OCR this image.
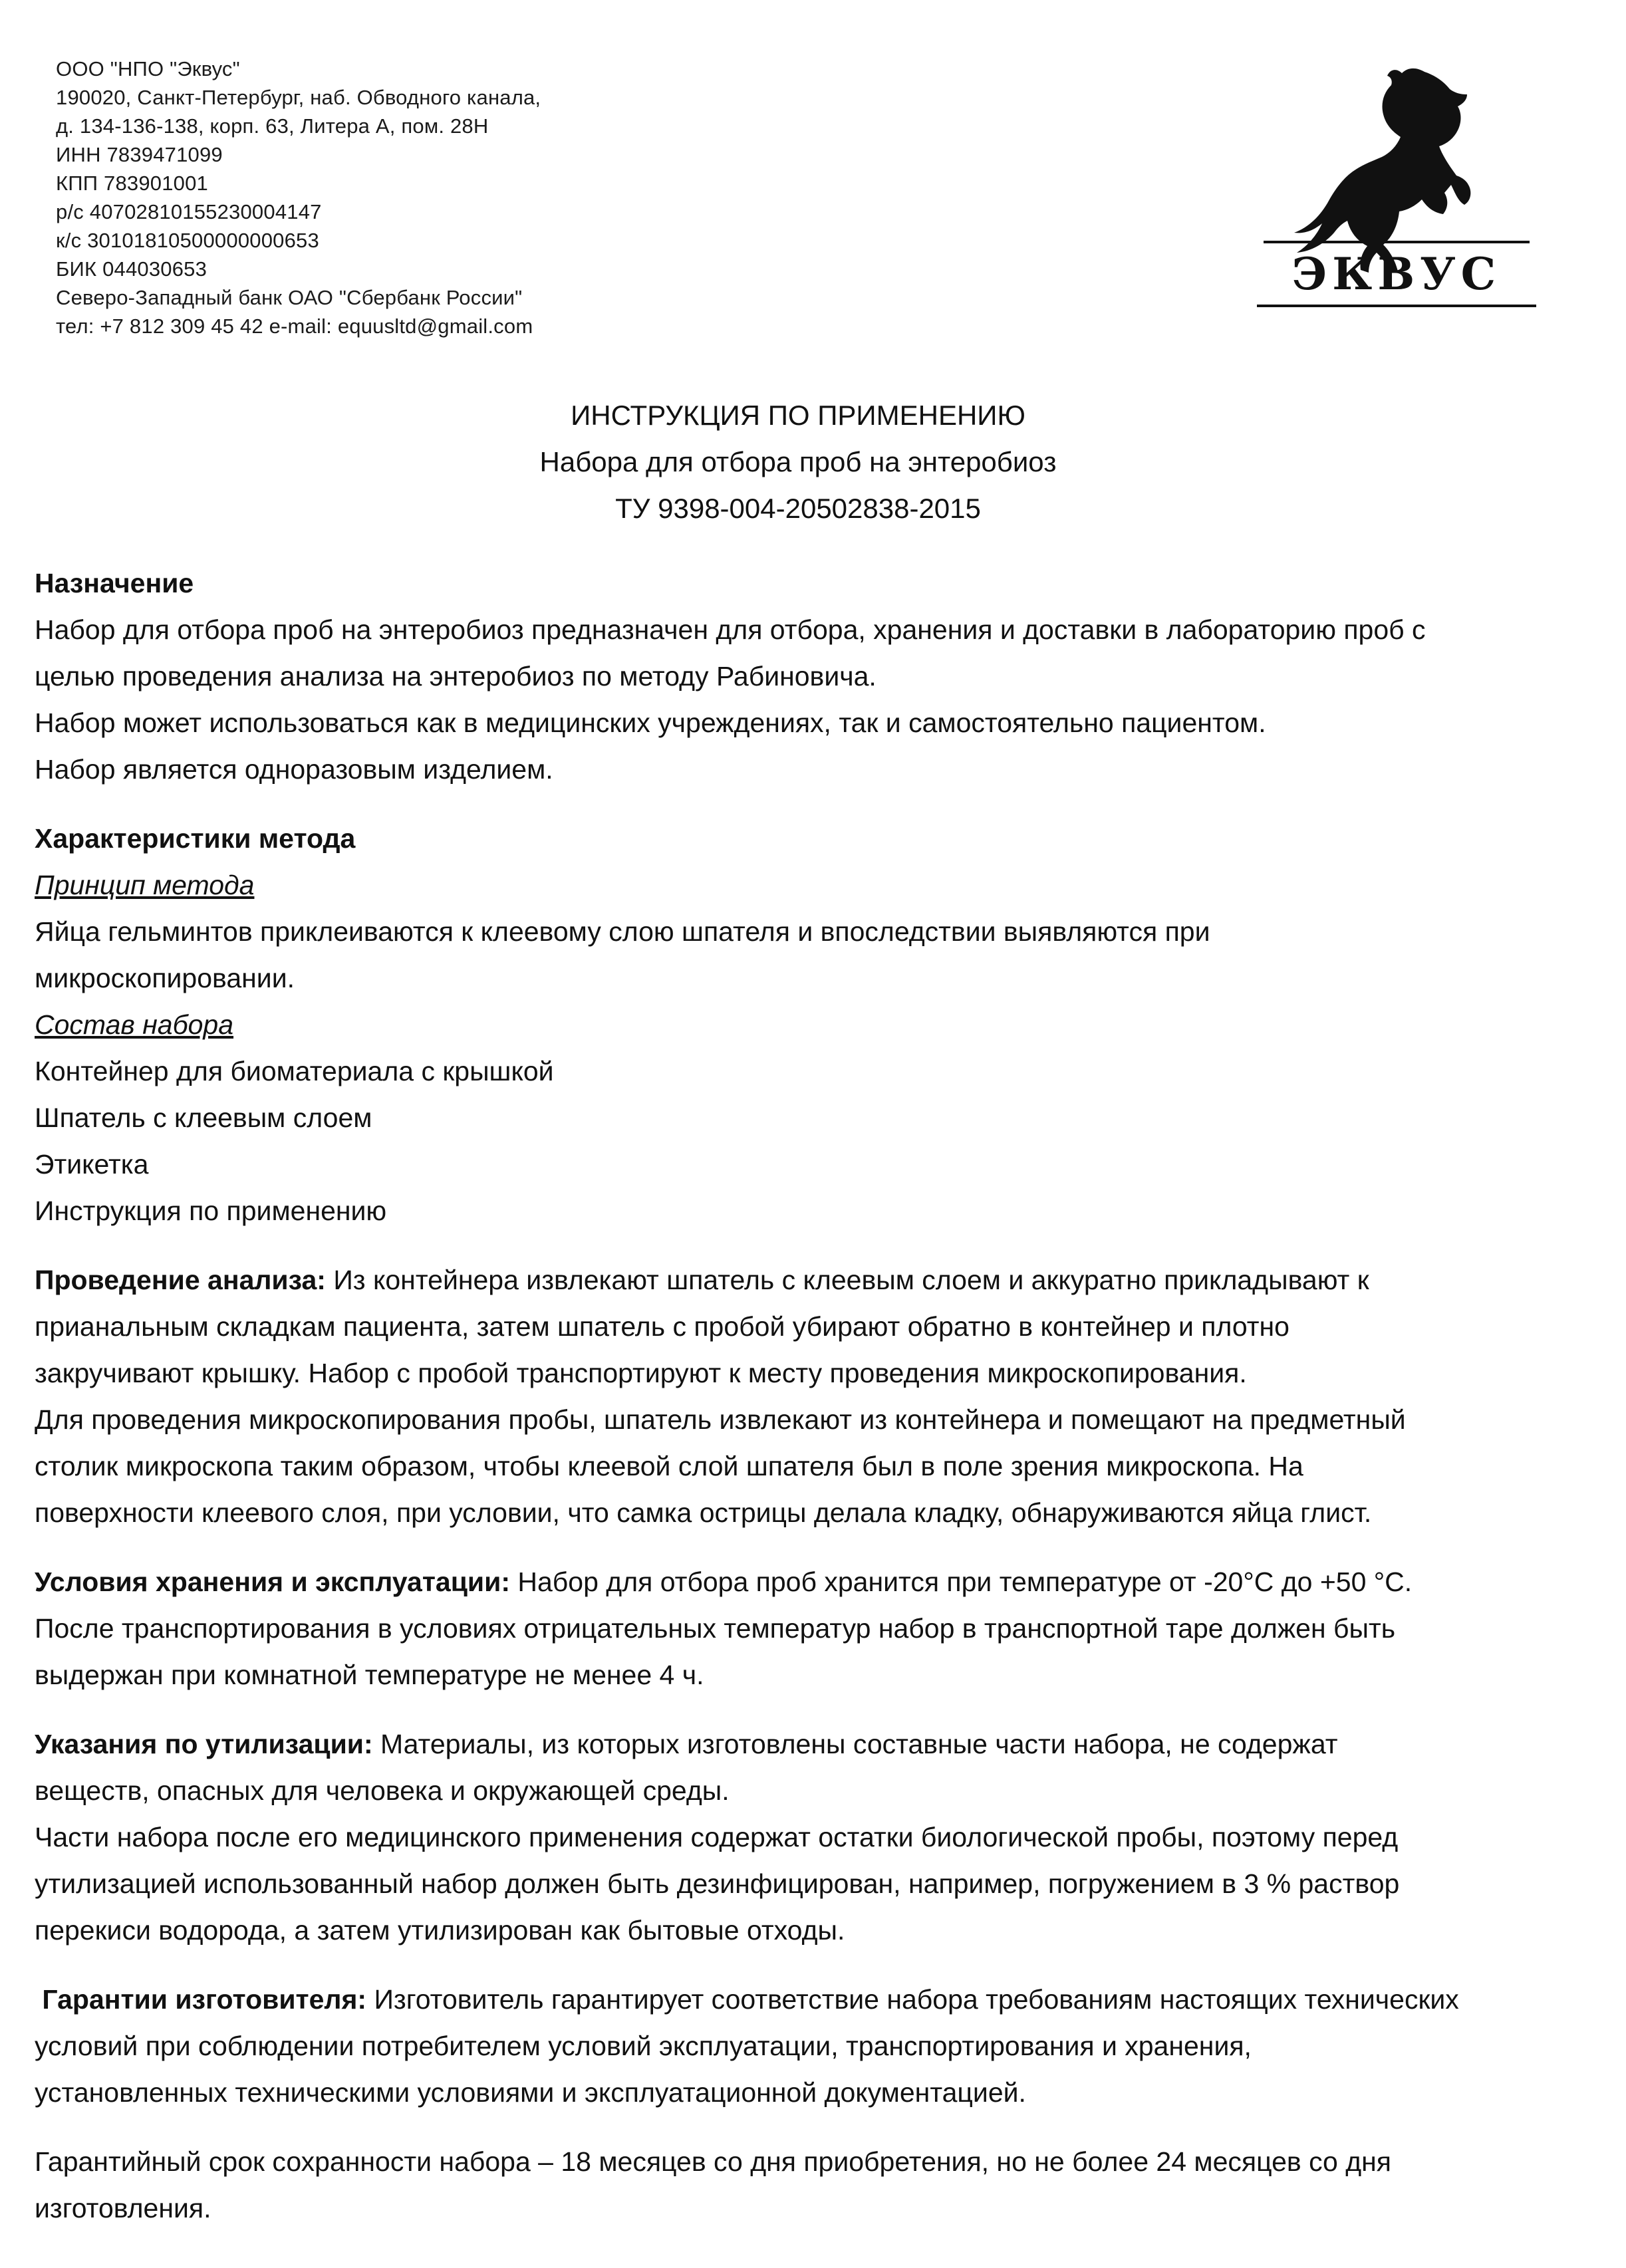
ООО "НПО "Эквус"
190020, Санкт-Петербург, наб. Обводного канала,
д. 134-136-138, корп. 63, Литера А, пом. 28Н
ИНН 7839471099
КПП 783901001
р/с 40702810155230004147
к/с 30101810500000000653
БИК 044030653
Северо-Западный банк ОАО "Сбербанк России"
тел: +7 812 309 45 42 e-mail: equusltd@gmail.com
ЭКВУС
ИНСТРУКЦИЯ ПО ПРИМЕНЕНИЮ
Набора для отбора проб на энтеробиоз
ТУ 9398-004-20502838-2015

Назначение

Набор для отбора проб на энтеробиоз предназначен для отбора, хранения и доставки в лабораторию проб с

целью проведения анализа на энтеробиоз по методу Рабиновича.

Набор может использоваться как в медицинских учреждениях, так и самостоятельно пациентом.

Набор является одноразовым изделием.

Характеристики метода

Принцип метода

Яйца гельминтов приклеиваются к клеевому слою шпателя и впоследствии выявляются при

микроскопировании.

Состав набора

Контейнер для биоматериала с крышкой

Шпатель с клеевым слоем

Этикетка

Инструкция по применению

Проведение анализа: Из контейнера извлекают шпатель с клеевым слоем и аккуратно прикладывают к

прианальным складкам пациента, затем шпатель с пробой убирают обратно в контейнер и плотно

закручивают крышку. Набор с пробой транспортируют к месту проведения микроскопирования.

Для проведения микроскопирования пробы, шпатель извлекают из контейнера и помещают на предметный

столик микроскопа таким образом, чтобы клеевой слой шпателя был в поле зрения микроскопа. На

поверхности клеевого слоя, при условии, что самка острицы делала кладку, обнаруживаются яйца глист.

Условия хранения и эксплуатации: Набор для отбора проб хранится при температуре от -20°С до +50 °С.

После транспортирования в условиях отрицательных температур набор в транспортной таре должен быть

выдержан при комнатной температуре не менее 4 ч.

Указания по утилизации: Материалы, из которых изготовлены составные части набора, не содержат

веществ, опасных для человека и окружающей среды.

Части набора после его медицинского применения содержат остатки биологической пробы, поэтому перед

утилизацией использованный набор должен быть дезинфицирован, например, погружением в 3 % раствор

перекиси водорода, а затем утилизирован как бытовые отходы.

Гарантии изготовителя: Изготовитель гарантирует соответствие набора требованиям настоящих технических

условий при соблюдении потребителем условий эксплуатации, транспортирования и хранения,

установленных техническими условиями и эксплуатационной документацией.

Гарантийный срок сохранности набора – 18 месяцев со дня приобретения, но не более 24 месяцев со дня

изготовления.
